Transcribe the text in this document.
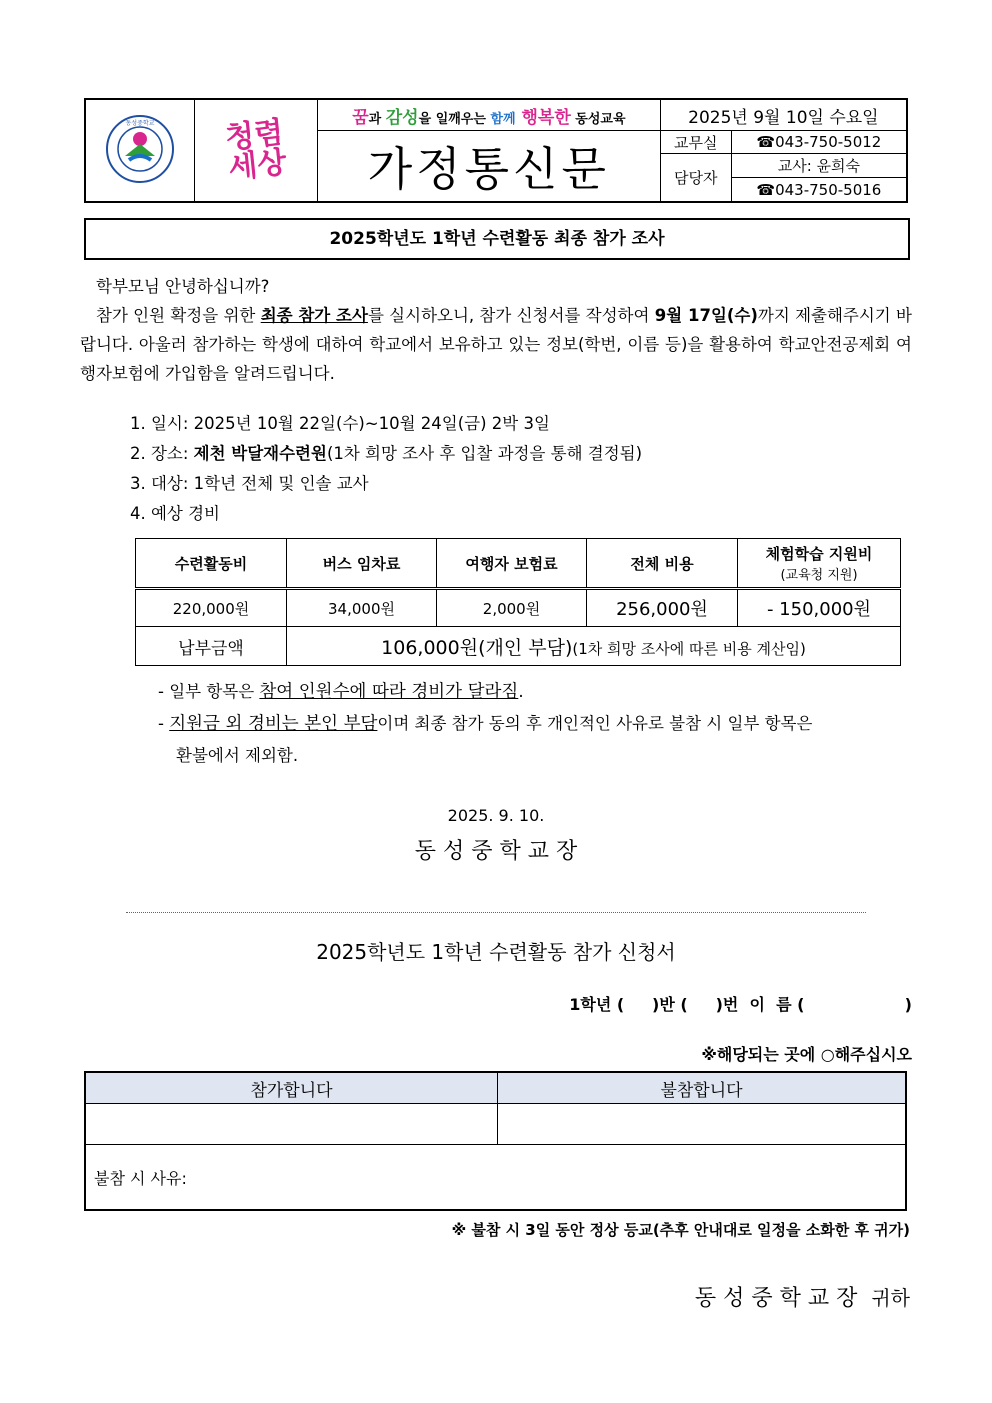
동성중학교	청렴세상	꿈과 감성을 일깨우는 함께 행복한 동성교육	2025년 9월 10일 수요일
가정통신문		교무실	☎043-750-5012
담당자	교사: 윤희숙
☎043-750-5016
2025학년도 1학년 수련활동 최종 참가 조사
학부모님 안녕하십니까?
참가 인원 확정을 위한 최종 참가 조사를 실시하오니, 참가 신청서를 작성하여 9월 17일(수)까지 제출해주시기 바랍니다. 아울러 참가하는 학생에 대하여 학교에서 보유하고 있는 정보(학번, 이름 등)을 활용하여 학교안전공제회 여행자보험에 가입함을 알려드립니다.
1. 일시: 2025년 10월 22일(수)~10월 24일(금) 2박 3일
2. 장소: 제천 박달재수련원(1차 희망 조사 후 입찰 과정을 통해 결정됨)
3. 대상: 1학년 전체 및 인솔 교사
4. 예상 경비
수련활동비	버스 임차료	여행자 보험료	전체 비용	체험학습 지원비
(교육청 지원)

220,000원	34,000원	2,000원	256,000원	- 150,000원
납부금액	106,000원(개인 부담)(1차 희망 조사에 따른 비용 계산임)			
- 일부 항목은 참여 인원수에 따라 경비가 달라짐.
- 지원금 외 경비는 본인 부담이며 최종 참가 동의 후 개인적인 사유로 불참 시 일부 항목은
환불에서 제외함.
2025. 9. 10.
동 성 중 학 교 장
2025학년도 1학년 수련활동 참가 신청서
1학년 (     )반 (     )번  이  름 (                  )
※해당되는 곳에 ○해주십시오
참가합니다	불참합니다

불참 시 사유:	
※ 불참 시 3일 동안 정상 등교(추후 안내대로 일정을 소화한 후 귀가)
동 성 중 학 교 장 귀하
